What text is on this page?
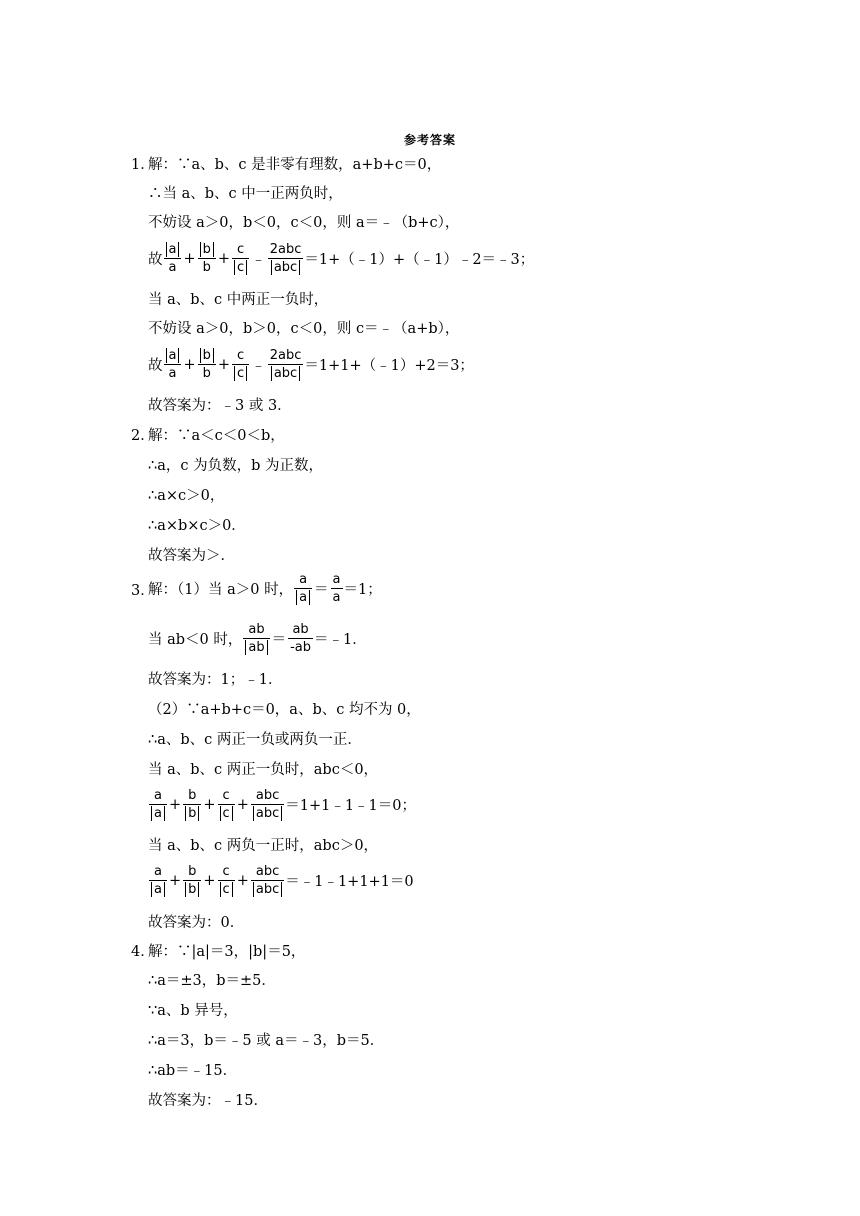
参考答案
1．
解：∵a、b、c 是非零有理数，a+b+c＝0，
∴当 a、b、c 中一正两负时，
不妨设 a＞0，b＜0，c＜0，则 a＝﹣（b+c），
故 $\frac{a}{a} + \frac{b}{b} + \frac{c}{c}$ ﹣ $\frac{\text{2abc}}{\text{abc}}$ ＝1+（﹣1）+（﹣1）﹣2＝﹣3；
当 a、b、c 中两正一负时，
不妨设 a＞0，b＞0，c＜0，则 c＝﹣（a+b），
故 $\frac{a}{a} + \frac{b}{b} + \frac{c}{c}$ ﹣ $\frac{\text{2abc}}{\text{abc}}$ ＝1+1+（﹣1）+2＝3；
故答案为：﹣3 或 3．
2．
解：∵a＜c＜0＜b，
∴a，c 为负数，b 为正数，
∴a×c＞0，
∴a×b×c＞0．
故答案为＞．
3．
解：（1）当 a＞0 时， $\frac{a}{a} = \frac{a}{a} =1$；
当 ab＜0 时， $\frac{ab}{ab} = \frac{ab}{-ab}$ ＝﹣1．
故答案为：1；﹣1．
（2）∵a+b+c＝0，a、b、c 均不为 0，
∴a、b、c 两正一负或两负一正．
当 a、b、c 两正一负时，abc＜0，
$\frac{a}{a} + \frac{b}{b} + \frac{c}{c} + \frac{\text{abc}}{\text{abc}}$ ＝1+1﹣1﹣1＝0；
当 a、b、c 两负一正时，abc＞0，
$\frac{a}{a} + \frac{b}{b} + \frac{c}{c} + \frac{\text{abc}}{\text{abc}}$ ＝﹣1﹣1+1+1＝0
故答案为：0．
4．
解：∵|a|＝3，|b|＝5，
∴a＝±3，b＝±5．
∵a、b 异号，
∴a＝3，b＝﹣5 或 a＝﹣3，b＝5．
∴ab＝﹣15．
故答案为：﹣15．
